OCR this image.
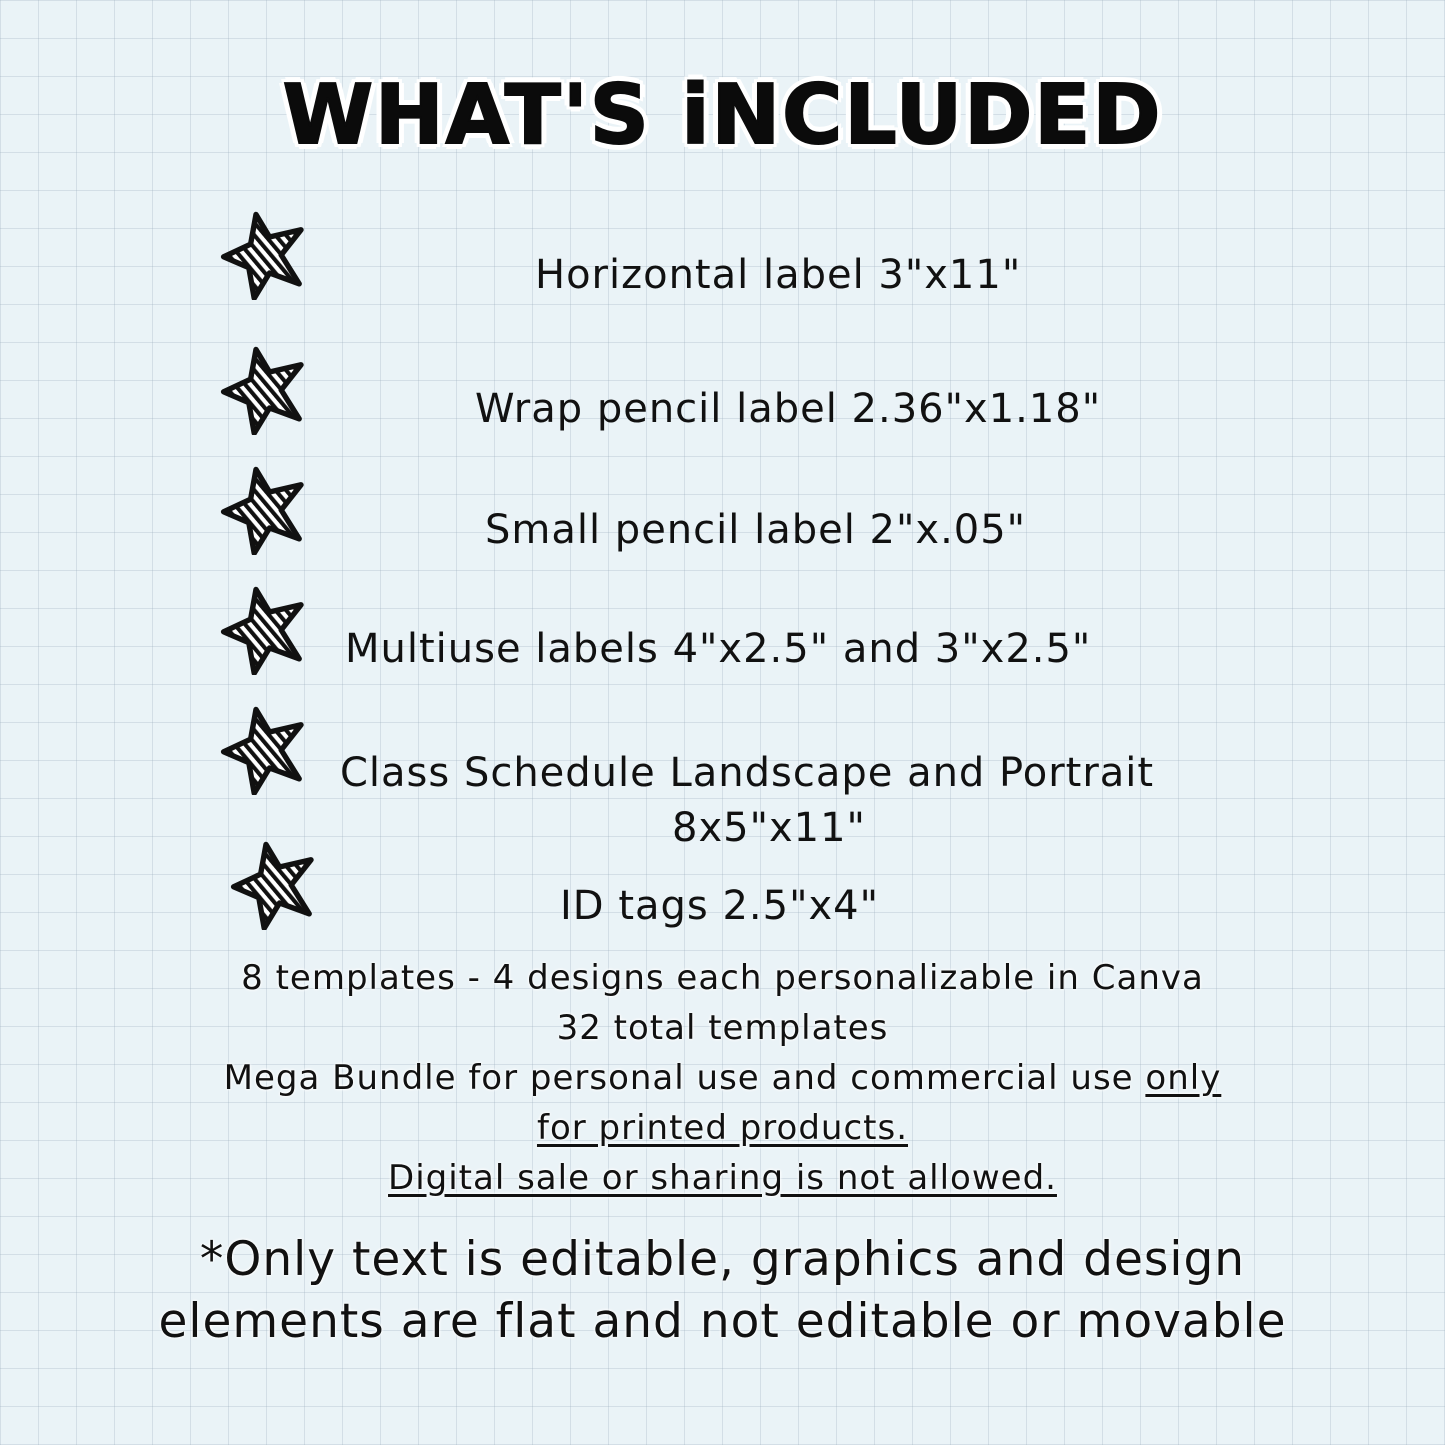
WHAT'S iNCLUDED
Horizontal label 3"x11"
Wrap pencil label 2.36"x1.18"
Small pencil label 2"x.05"
Multiuse labels 4"x2.5" and 3"x2.5"
Class Schedule Landscape and Portrait
8x5"x11"
ID tags 2.5"x4"
8 templates - 4 designs each personalizable in Canva
32 total templates
Mega Bundle for personal use and commercial use only
for printed products.
Digital sale or sharing is not allowed.
*Only text is editable, graphics and design
elements are flat and not editable or movable
